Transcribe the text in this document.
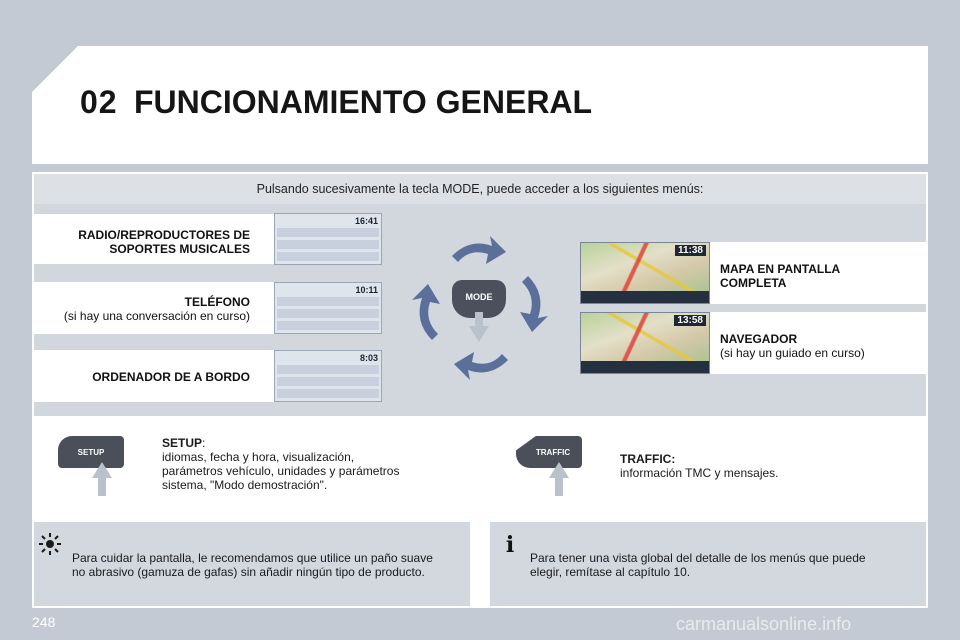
02 FUNCIONAMIENTO GENERAL
Pulsando sucesivamente la tecla MODE, puede acceder a los siguientes menús:
RADIO/REPRODUCTORES DE
SOPORTES MUSICALES
16:41
TELÉFONO
(si hay una conversación en curso)
10:11
ORDENADOR DE A BORDO
8:03
11:38
MAPA EN PANTALLA
COMPLETA
13:58
NAVEGADOR
(si hay un guiado en curso)
MODE
SETUP
SETUP:
idiomas, fecha y hora, visualización,
parámetros vehículo, unidades y parámetros
sistema, "Modo demostración".
TRAFFIC	TRAFFIC:
información TMC y mensajes.
Para cuidar la pantalla, le recomendamos que utilice un paño suave
no abrasivo (gamuza de gafas) sin añadir ningún tipo de producto.
i	Para tener una vista global del detalle de los menús que puede
elegir, remítase al capítulo 10.
248	carmanualsonline.info
